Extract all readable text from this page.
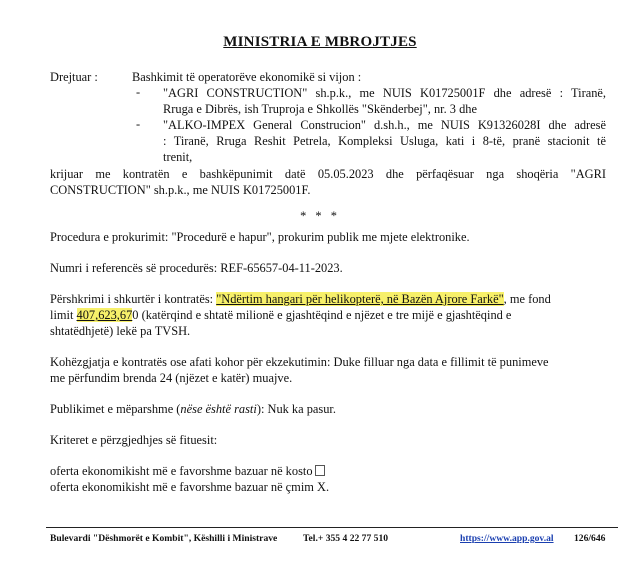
MINISTRIA E MBROJTJES
Drejtuar :	Bashkimit të operatorëve ekonomikë si vijon :
- "AGRI CONSTRUCTION" sh.p.k., me NUIS K01725001F dhe adresë : Tiranë,
Rruga e Dibrës, ish Truproja e Shkollës "Skënderbej", nr. 3 dhe
- "ALKO-IMPEX General Construcion" d.sh.h., me NUIS K91326028I dhe adresë
: Tiranë, Rruga Reshit Petrela, Kompleksi Usluga, kati i 8-të, pranë stacionit të
trenit,
krijuar me kontratën e bashkëpunimit datë 05.05.2023 dhe përfaqësuar nga shoqëria "AGRI
CONSTRUCTION" sh.p.k., me NUIS K01725001F.
* * *
Procedura e prokurimit: "Procedurë e hapur", prokurim publik me mjete elektronike.
Numri i referencës së procedurës: REF-65657-04-11-2023.
Përshkrimi i shkurtër i kontratës: "Ndërtim hangari për helikopterë, në Bazën Ajrore Farkë", me fond
limit 407,623,670 (katërqind e shtatë milionë e gjashtëqind e njëzet e tre mijë e gjashtëqind e
shtatëdhjetë) lekë pa TVSH.
Kohëzgjatja e kontratës ose afati kohor për ekzekutimin: Duke filluar nga data e fillimit të punimeve
me përfundim brenda 24 (njëzet e katër) muajve.
Publikimet e mëparshme (nëse është rasti): Nuk ka pasur.
Kriteret e përzgjedhjes së fituesit:
oferta ekonomikisht më e favorshme bazuar në kosto
oferta ekonomikisht më e favorshme bazuar në çmim X.
Bulevardi "Dëshmorët e Kombit", Këshilli i Ministrave	Tel.+ 355 4 22 77 510	https://www.app.gov.al 126/646
